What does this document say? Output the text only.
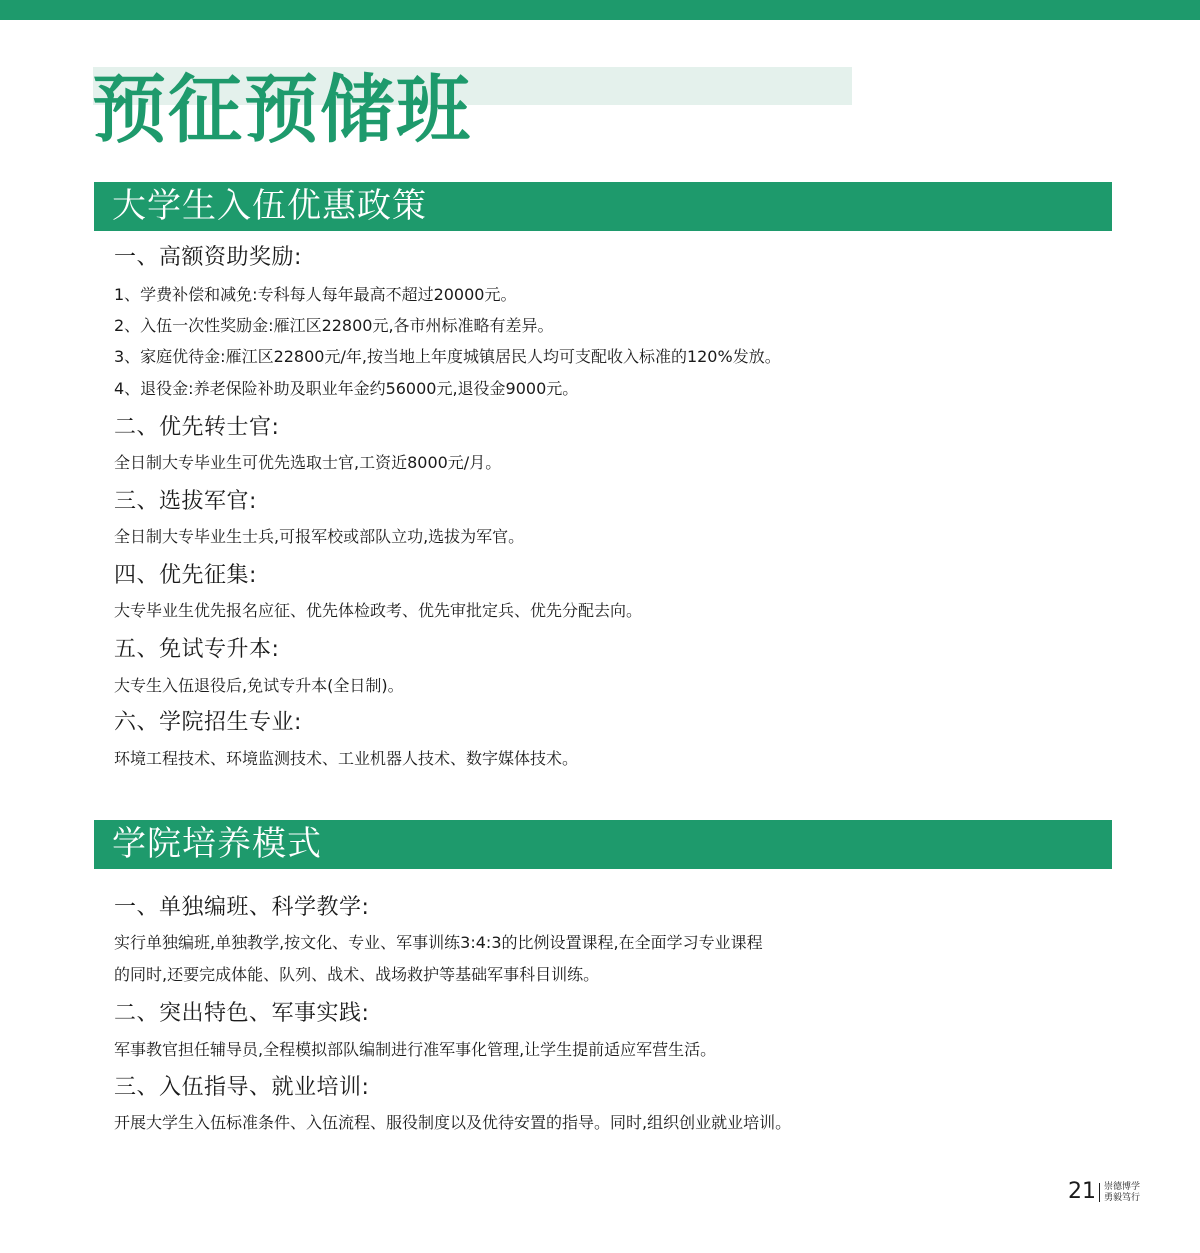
预征预储班
大学生入伍优惠政策
一、高额资助奖励:

1、学费补偿和减免:专科每人每年最高不超过20000元。

2、入伍一次性奖励金:雁江区22800元,各市州标准略有差异。

3、家庭优待金:雁江区22800元/年,按当地上年度城镇居民人均可支配收入标准的120%发放。

4、退役金:养老保险补助及职业年金约56000元,退役金9000元。

二、优先转士官:

全日制大专毕业生可优先选取士官,工资近8000元/月。

三、选拔军官:

全日制大专毕业生士兵,可报军校或部队立功,选拔为军官。

四、优先征集:

大专毕业生优先报名应征、优先体检政考、优先审批定兵、优先分配去向。

五、免试专升本:

大专生入伍退役后,免试专升本(全日制)。

六、学院招生专业:

环境工程技术、环境监测技术、工业机器人技术、数字媒体技术。

学院培养模式
一、单独编班、科学教学:

实行单独编班,单独教学,按文化、专业、军事训练3:4:3的比例设置课程,在全面学习专业课程

的同时,还要完成体能、队列、战术、战场救护等基础军事科目训练。

二、突出特色、军事实践:

军事教官担任辅导员,全程模拟部队编制进行准军事化管理,让学生提前适应军营生活。

三、入伍指导、就业培训:

开展大学生入伍标准条件、入伍流程、服役制度以及优待安置的指导。同时,组织创业就业培训。

21 崇德博学
勇毅笃行
